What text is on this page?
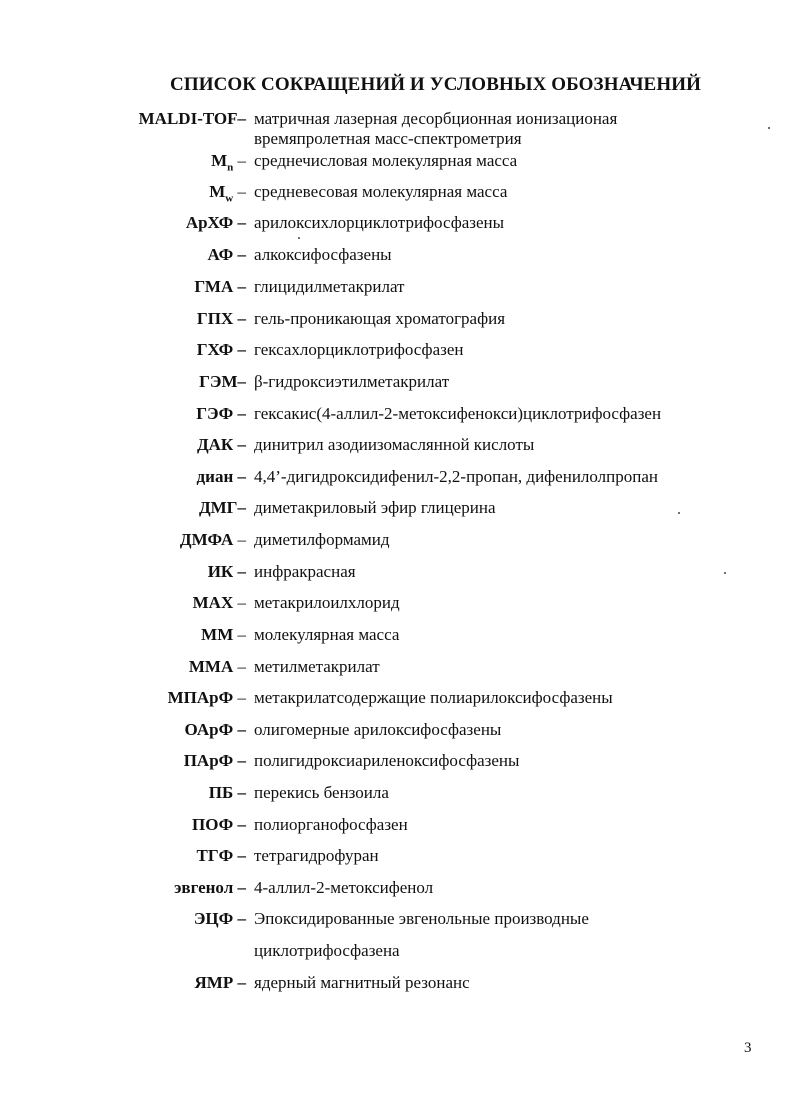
СПИСОК СОКРАЩЕНИЙ И УСЛОВНЫХ ОБОЗНАЧЕНИЙ
MALDI-TOF– матричная лазерная десорбционная ионизационая
времяпролетная масс-спектрометрия
$M_n$ – среднечисловая молекулярная масса
$M_w$ – средневесовая молекулярная масса
АрХФ – арилоксихлорциклотрифосфазены
АФ – алкоксифосфазены
ГМА – глицидилметакрилат
ГПХ – гель-проникающая хроматография
ГХФ – гексахлорциклотрифосфазен
ГЭМ– β-гидроксиэтилметакрилат
ГЭФ – гексакис(4-аллил-2-метоксифенокси)циклотрифосфазен
ДАК – динитрил азодиизомаслянной кислоты
диан – 4,4’-дигидроксидифенил-2,2-пропан, дифенилолпропан
ДМГ– диметакриловый эфир глицерина
ДМФА – диметилформамид
ИК – инфракрасная
МАХ – метакрилоилхлорид
ММ – молекулярная масса
ММА – метилметакрилат
МПАрФ – метакрилатсодержащие полиарилоксифосфазены
ОАрФ – олигомерные арилоксифосфазены
ПАрФ – полигидроксиариленоксифосфазены
ПБ – перекись бензоила
ПОФ – полиорганофосфазен
ТГФ – тетрагидрофуран
эвгенол – 4-аллил-2-метоксифенол
ЭЦФ – Эпоксидированные эвгенольные производные
циклотрифосфазена
ЯМР – ядерный магнитный резонанс
3
